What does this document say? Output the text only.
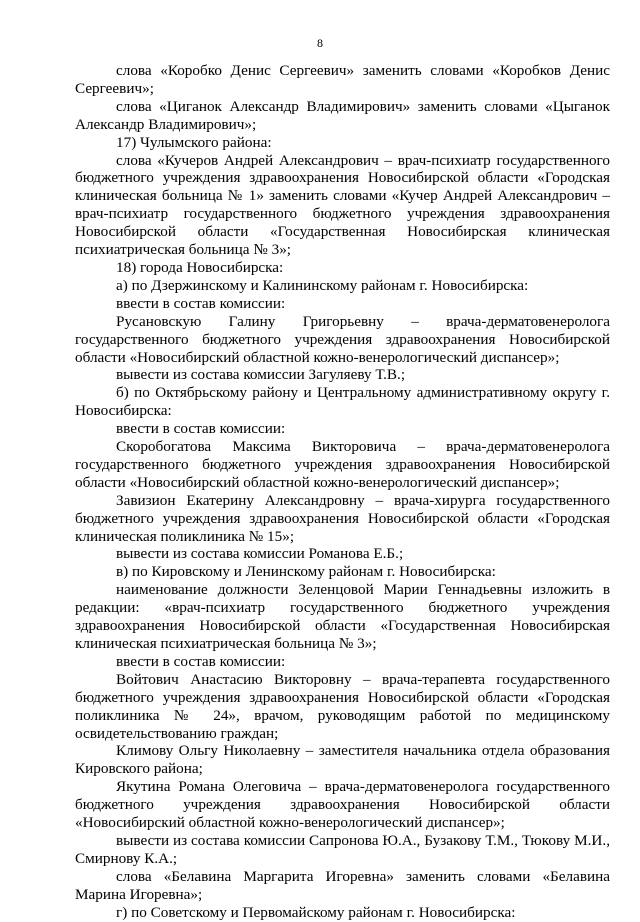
8

слова «Коробко Денис Сергеевич» заменить словами «Коробков Денис Сергеевич»;

слова «Циганок Александр Владимирович» заменить словами «Цыганок Александр Владимирович»;

17) Чулымского района:

слова «Кучеров Андрей Александрович – врач-психиатр государственного бюджетного учреждения здравоохранения Новосибирской области «Городская клиническая больница № 1» заменить словами «Кучер Андрей Александрович – врач-психиатр государственного бюджетного учреждения здравоохранения Новосибирской области «Государственная Новосибирская клиническая психиатрическая больница № 3»;

18) города Новосибирска:

а) по Дзержинскому и Калининскому районам г. Новосибирска:

ввести в состав комиссии:

Русановскую Галину Григорьевну – врача-дерматовенеролога государственного бюджетного учреждения здравоохранения Новосибирской области «Новосибирский областной кожно-венерологический диспансер»;

вывести из состава комиссии Загуляеву Т.В.;

б) по Октябрьскому району и Центральному административному округу г. Новосибирска:

ввести в состав комиссии:

Скоробогатова Максима Викторовича – врача-дерматовенеролога государственного бюджетного учреждения здравоохранения Новосибирской области «Новосибирский областной кожно-венерологический диспансер»;

Завизион Екатерину Александровну – врача-хирурга государственного бюджетного учреждения здравоохранения Новосибирской области «Городская клиническая поликлиника № 15»;

вывести из состава комиссии Романова Е.Б.;

в) по Кировскому и Ленинскому районам г. Новосибирска:

наименование должности Зеленцовой Марии Геннадьевны изложить в редакции: «врач-психиатр государственного бюджетного учреждения здравоохранения Новосибирской области «Государственная Новосибирская клиническая психиатрическая больница № 3»;

ввести в состав комиссии:

Войтович Анастасию Викторовну – врача-терапевта государственного бюджетного учреждения здравоохранения Новосибирской области «Городская поликлиника № 24», врачом, руководящим работой по медицинскому освидетельствованию граждан;

Климову Ольгу Николаевну – заместителя начальника отдела образования Кировского района;

Якутина Романа Олеговича – врача-дерматовенеролога государственного бюджетного учреждения здравоохранения Новосибирской области «Новосибирский областной кожно-венерологический диспансер»;

вывести из состава комиссии Сапронова Ю.А., Бузакову Т.М., Тюкову М.И., Смирнову К.А.;

слова «Белавина Маргарита Игоревна» заменить словами «Белавина Марина Игоревна»;

г) по Советскому и Первомайскому районам г. Новосибирска:
